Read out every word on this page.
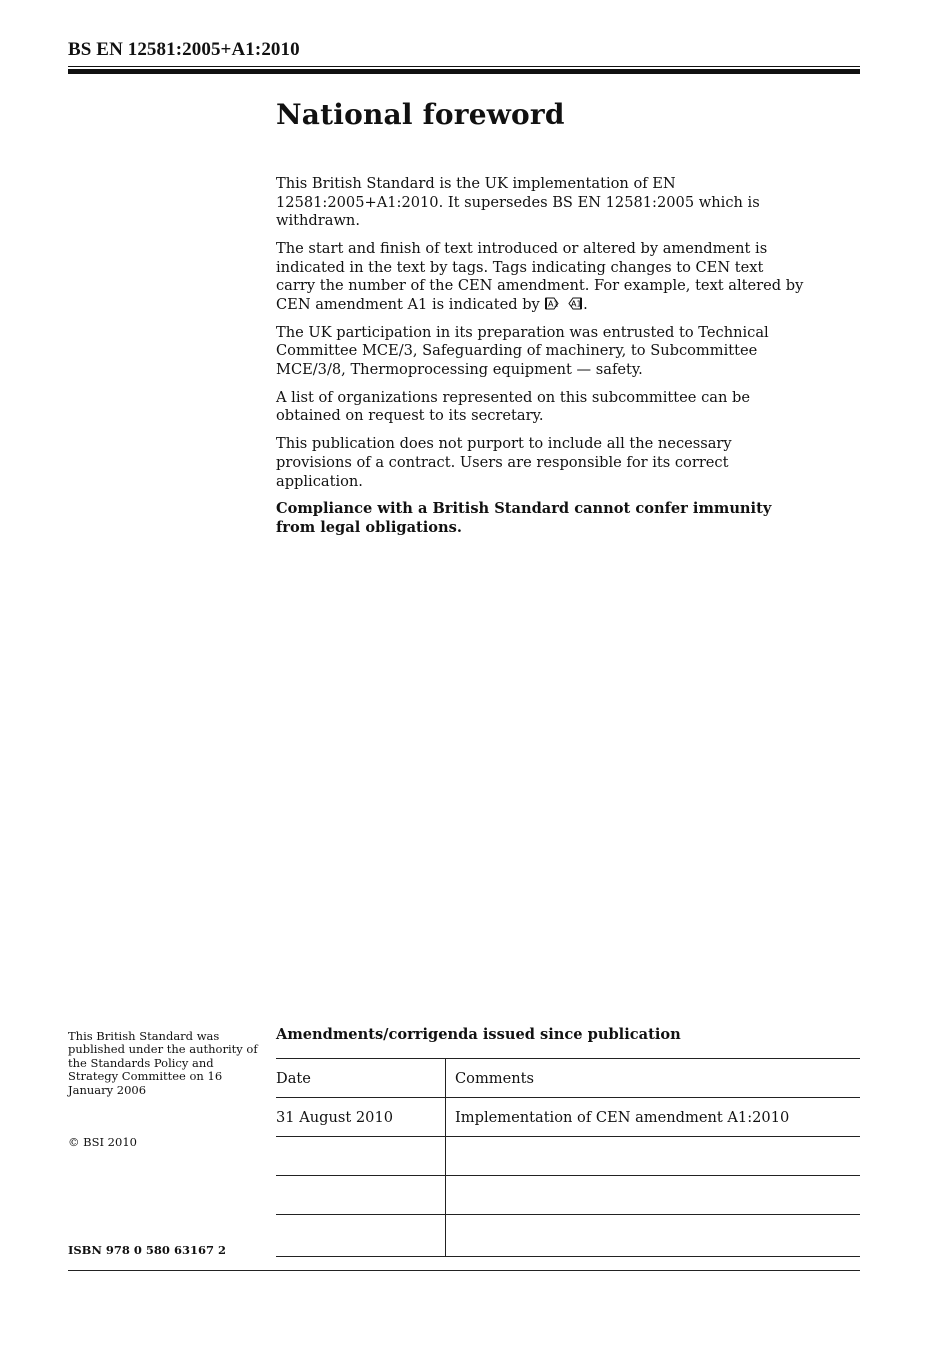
BS EN 12581:2005+A1:2010
National foreword

This British Standard is the UK implementation of EN 12581:2005+A1:2010. It supersedes BS EN 12581:2005 which is withdrawn.

The start and finish of text introduced or altered by amendment is indicated in the text by tags. Tags indicating changes to CEN text carry the number of the CEN amendment. For example, text altered by CEN amendment A1 is indicated by A1
A1 .

The UK participation in its preparation was entrusted to Technical Committee MCE/3, Safeguarding of machinery, to Subcommittee MCE/3/8, Thermoprocessing equipment — safety.

A list of organizations represented on this subcommittee can be obtained on request to its secretary.

This publication does not purport to include all the necessary provisions of a contract. Users are responsible for its correct application.

Compliance with a British Standard cannot confer immunity from legal obligations.

This British Standard was published under the authority of the Standards Policy and Strategy Committee on 16 January 2006
© BSI 2010
ISBN 978 0 580 63167 2
Amendments/corrigenda issued since publication
Date	Comments
31 August 2010	Implementation of CEN amendment A1:2010
